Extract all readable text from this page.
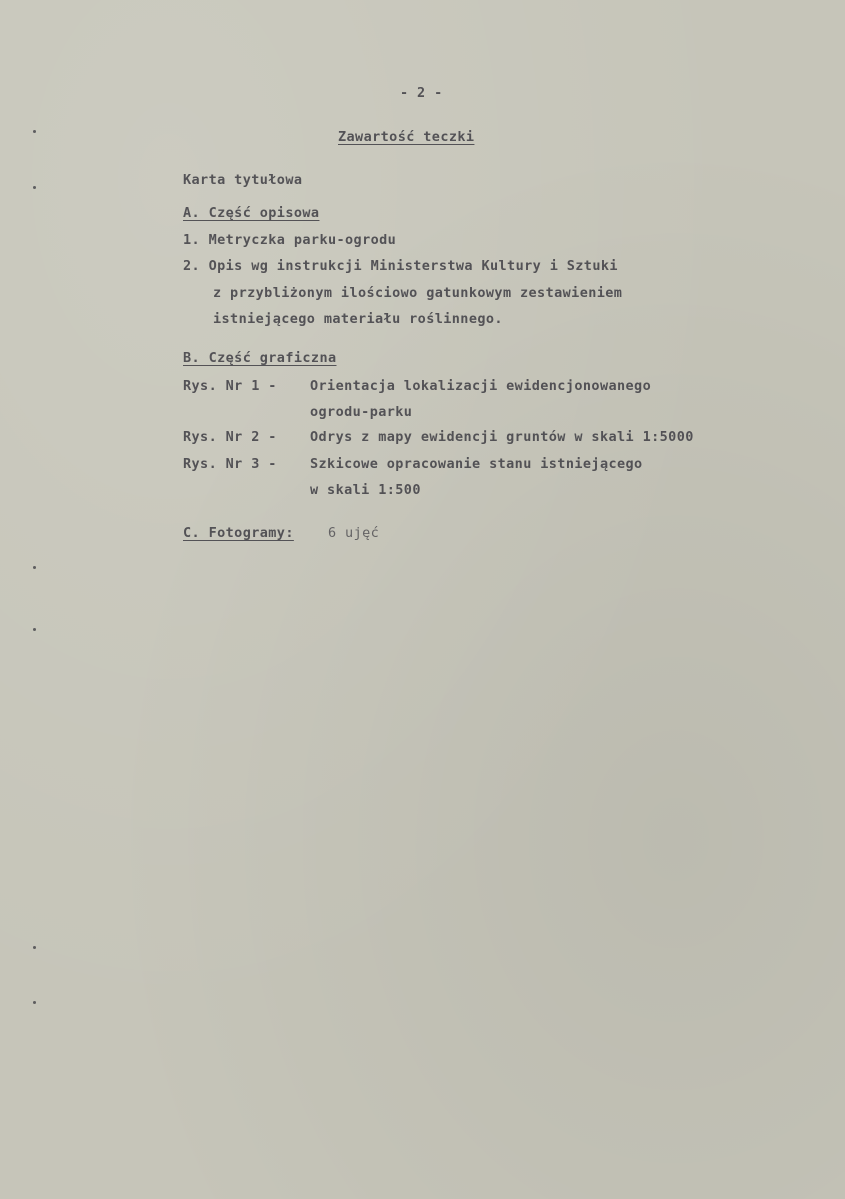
- 2 -
Zawartość teczki
Karta tytułowa
A. Część opisowa
1. Metryczka parku-ogrodu
2. Opis wg instrukcji Ministerstwa Kultury i Sztuki
z przybliżonym ilościowo gatunkowym zestawieniem
istniejącego materiału roślinnego.
B. Część graficzna
Rys. Nr 1 - Orientacja lokalizacji ewidencjonowanego
ogrodu-parku
Rys. Nr 2 - Odrys z mapy ewidencji gruntów w skali 1:5000
Rys. Nr 3 - Szkicowe opracowanie stanu istniejącego
w skali 1:500
C. Fotogramy:	6 ujęć
